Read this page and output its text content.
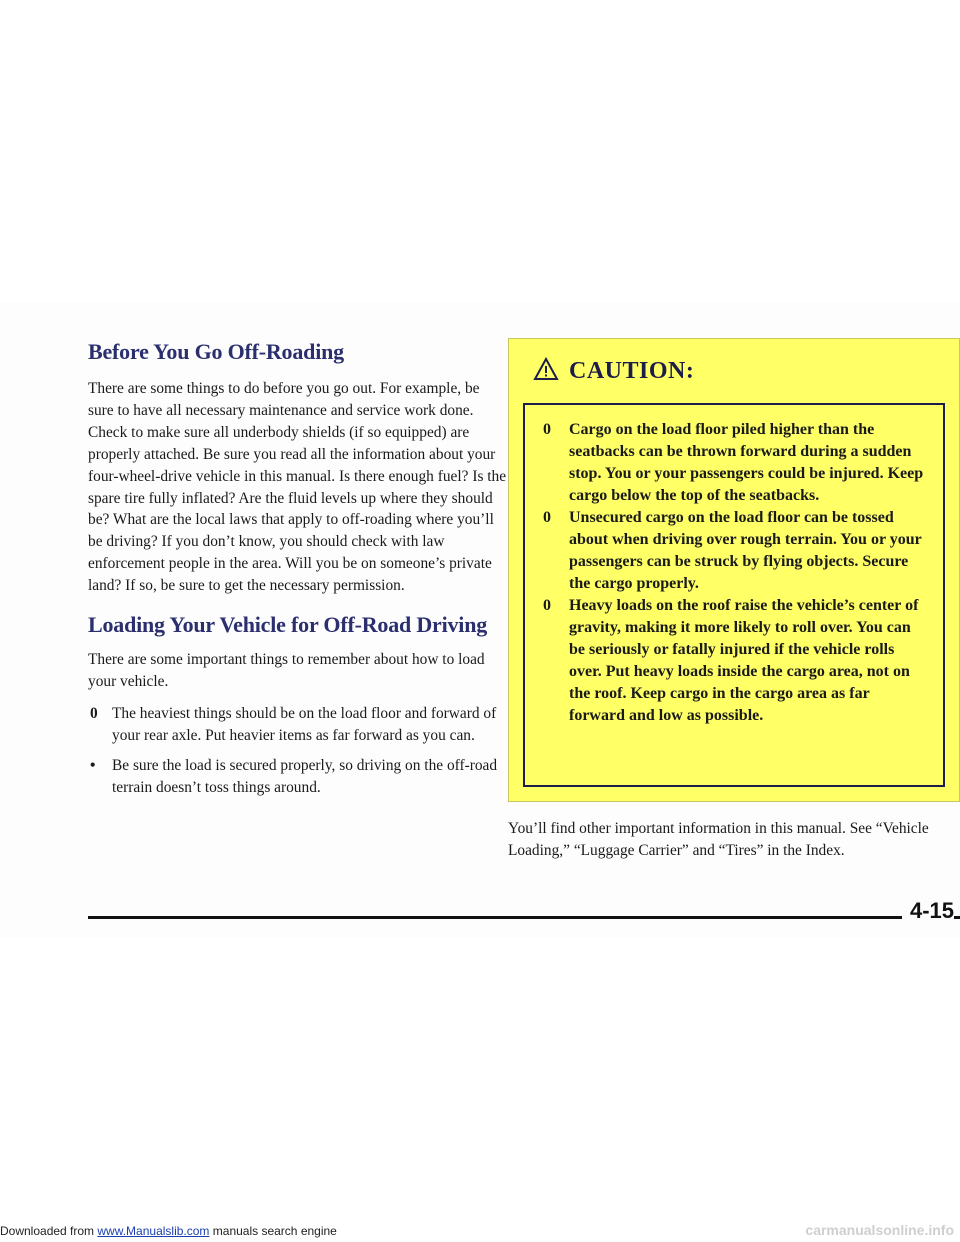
Before You Go Off-Roading

There are some things to do before you go out. For example, be sure to have all necessary maintenance and service work done. Check to make sure all underbody shields (if so equipped) are properly attached. Be sure you read all the information about your four-wheel-drive vehicle in this manual. Is there enough fuel? Is the spare tire fully inflated? Are the fluid levels up where they should be? What are the local laws that apply to off-roading where you’ll be driving? If you don’t know, you should check with law enforcement people in the area. Will you be on someone’s private land? If so, be sure to get the necessary permission.

Loading Your Vehicle for Off-Road Driving

There are some important things to remember about how to load your vehicle.

0 The heaviest things should be on the load floor and forward of your rear axle. Put heavier items as far forward as you can.
• Be sure the load is secured properly, so driving on the off-road terrain doesn’t toss things around.
CAUTION:
0 Cargo on the load floor piled higher than the seatbacks can be thrown forward during a sudden stop. You or your passengers could be injured. Keep cargo below the top of the seatbacks.
0 Unsecured cargo on the load floor can be tossed about when driving over rough terrain. You or your passengers can be struck by flying objects. Secure the cargo properly.
0 Heavy loads on the roof raise the vehicle’s center of gravity, making it more likely to roll over. You can be seriously or fatally injured if the vehicle rolls over. Put heavy loads inside the cargo area, not on the roof. Keep cargo in the cargo area as far forward and low as possible.

You’ll find other important information in this manual. See “Vehicle Loading,” “Luggage Carrier” and “Tires” in the Index.

4-15
Downloaded from www.Manualslib.com manuals search engine	carmanualsonline.info
